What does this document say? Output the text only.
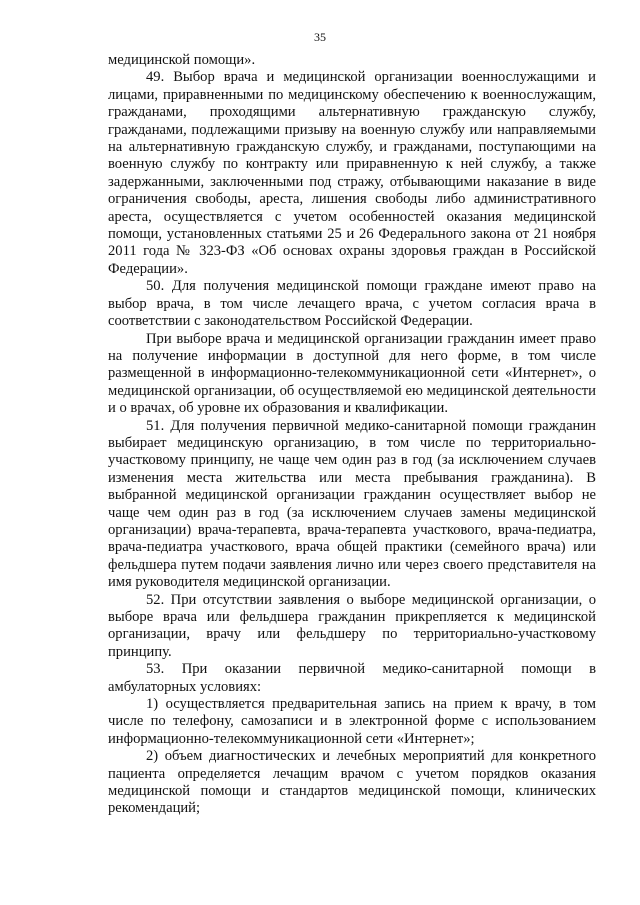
35

медицинской помощи».

49. Выбор врача и медицинской организации военнослужащими и лицами, приравненными по медицинскому обеспечению к военнослужащим, гражданами, проходящими альтернативную гражданскую службу, гражданами, подлежащими призыву на военную службу или направляемыми на альтернативную гражданскую службу, и гражданами, поступающими на военную службу по контракту или приравненную к ней службу, а также задержанными, заключенными под стражу, отбывающими наказание в виде ограничения свободы, ареста, лишения свободы либо административного ареста, осуществляется с учетом особенностей оказания медицинской помощи, установленных статьями 25 и 26 Федерального закона от 21 ноября 2011 года № 323-ФЗ «Об основах охраны здоровья граждан в Российской Федерации».

50. Для получения медицинской помощи граждане имеют право на выбор врача, в том числе лечащего врача, с учетом согласия врача в соответствии с законодательством Российской Федерации.

При выборе врача и медицинской организации гражданин имеет право на получение информации в доступной для него форме, в том числе размещенной в информационно-телекоммуникационной сети «Интернет», о медицинской организации, об осуществляемой ею медицинской деятельности и о врачах, об уровне их образования и квалификации.

51. Для получения первичной медико-санитарной помощи гражданин выбирает медицинскую организацию, в том числе по территориально-участковому принципу, не чаще чем один раз в год (за исключением случаев изменения места жительства или места пребывания гражданина). В выбранной медицинской организации гражданин осуществляет выбор не чаще чем один раз в год (за исключением случаев замены медицинской организации) врача-терапевта, врача-терапевта участкового, врача-педиатра, врача-педиатра участкового, врача общей практики (семейного врача) или фельдшера путем подачи заявления лично или через своего представителя на имя руководителя медицинской организации.

52. При отсутствии заявления о выборе медицинской организации, о выборе врача или фельдшера гражданин прикрепляется к медицинской организации, врачу или фельдшеру по территориально-участковому принципу.

53. При оказании первичной медико-санитарной помощи в амбулаторных условиях:

1) осуществляется предварительная запись на прием к врачу, в том числе по телефону, самозаписи и в электронной форме с использованием информационно-телекоммуникационной сети «Интернет»;

2) объем диагностических и лечебных мероприятий для конкретного пациента определяется лечащим врачом с учетом порядков оказания медицинской помощи и стандартов медицинской помощи, клинических рекомендаций;
